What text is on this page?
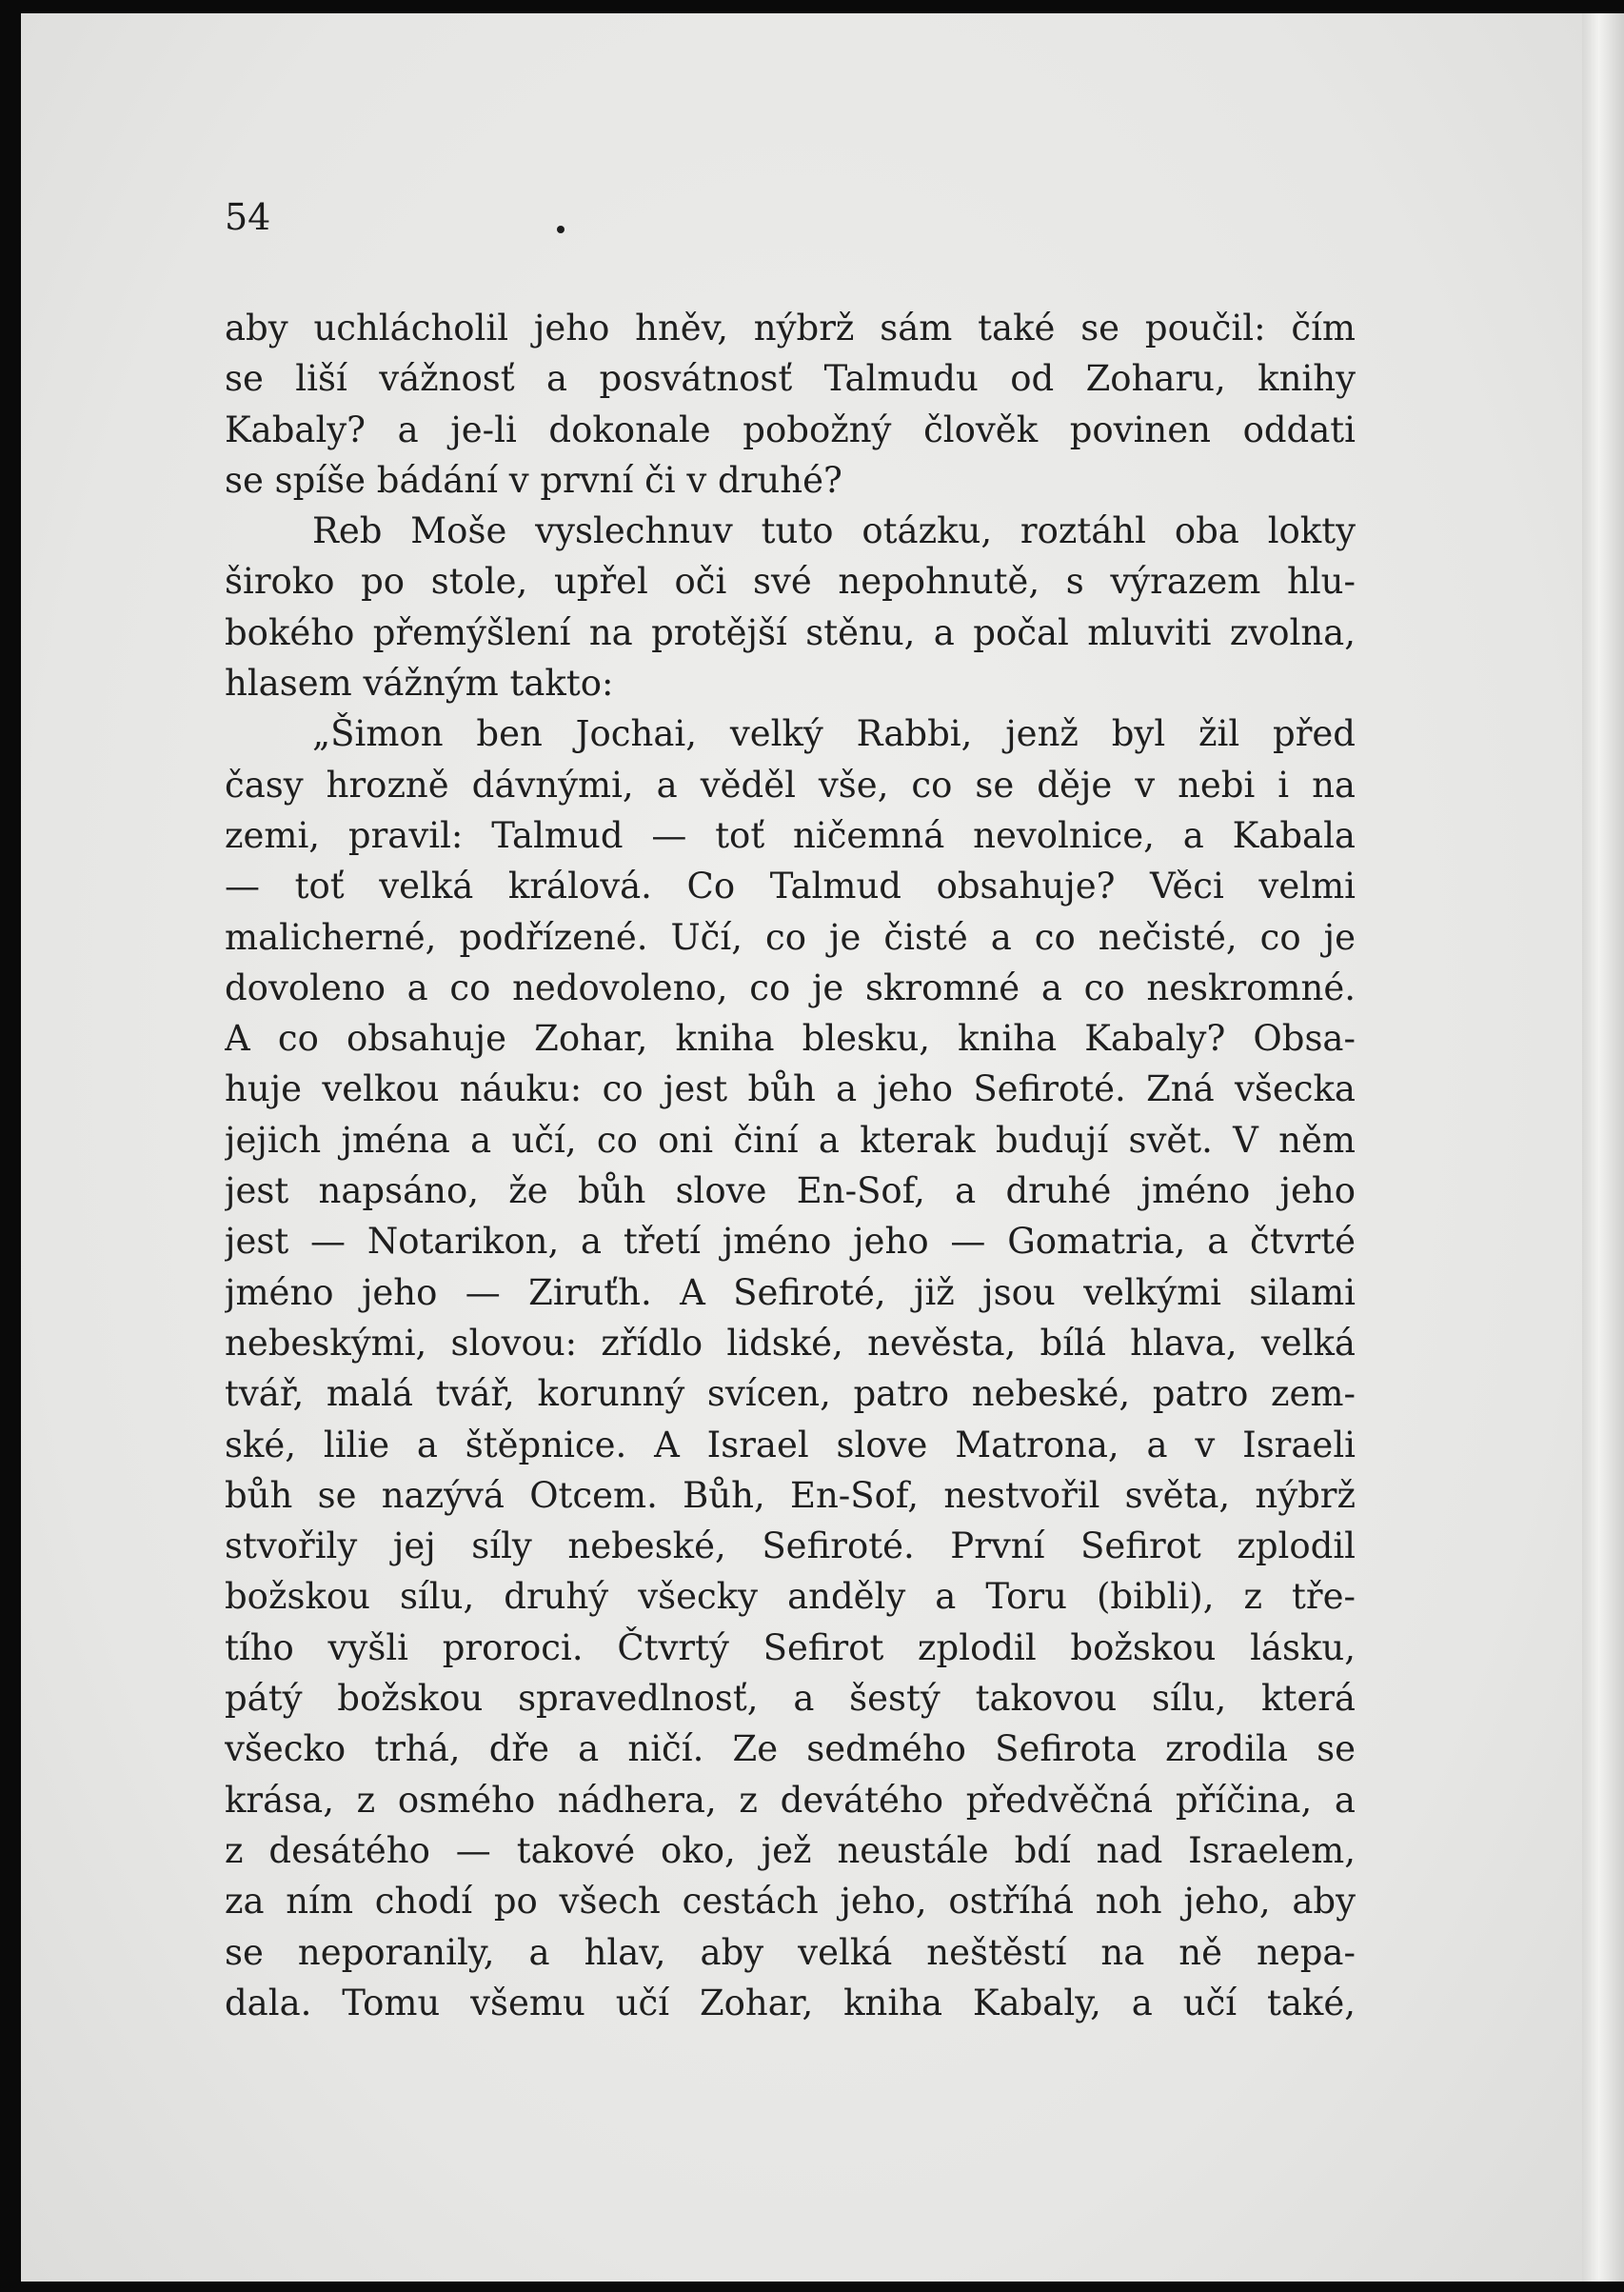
54
aby uchlácholil jeho hněv, nýbrž sám také se poučil: čím
se liší vážnosť a posvátnosť Talmudu od Zoharu, knihy
Kabaly? a je-li dokonale pobožný člověk povinen oddati
se spíše bádání v první či v druhé?
Reb Moše vyslechnuv tuto otázku, roztáhl oba lokty
široko po stole, upřel oči své nepohnutě, s výrazem hlu-
bokého přemýšlení na protější stěnu, a počal mluviti zvolna,
hlasem vážným takto:
„Šimon ben Jochai, velký Rabbi, jenž byl žil před
časy hrozně dávnými, a věděl vše, co se děje v nebi i na
zemi, pravil: Talmud — toť ničemná nevolnice, a Kabala
— toť velká králová. Co Talmud obsahuje? Věci velmi
malicherné, podřízené. Učí, co je čisté a co nečisté, co je
dovoleno a co nedovoleno, co je skromné a co neskromné.
A co obsahuje Zohar, kniha blesku, kniha Kabaly? Obsa-
huje velkou náuku: co jest bůh a jeho Sefiroté. Zná všecka
jejich jména a učí, co oni činí a kterak budují svět. V něm
jest napsáno, že bůh slove En-Sof, a druhé jméno jeho
jest — Notarikon, a třetí jméno jeho — Gomatria, a čtvrté
jméno jeho — Ziruťh. A Sefiroté, již jsou velkými silami
nebeskými, slovou: zřídlo lidské, nevěsta, bílá hlava, velká
tvář, malá tvář, korunný svícen, patro nebeské, patro zem-
ské, lilie a štěpnice. A Israel slove Matrona, a v Israeli
bůh se nazývá Otcem. Bůh, En-Sof, nestvořil světa, nýbrž
stvořily jej síly nebeské, Sefiroté. První Sefirot zplodil
božskou sílu, druhý všecky anděly a Toru (bibli), z tře-
tího vyšli proroci. Čtvrtý Sefirot zplodil božskou lásku,
pátý božskou spravedlnosť, a šestý takovou sílu, která
všecko trhá, dře a ničí. Ze sedmého Sefirota zrodila se
krása, z osmého nádhera, z devátého předvěčná příčina, a
z desátého — takové oko, jež neustále bdí nad Israelem,
za ním chodí po všech cestách jeho, ostříhá noh jeho, aby
se neporanily, a hlav, aby velká neštěstí na ně nepa-
dala. Tomu všemu učí Zohar, kniha Kabaly, a učí také,
